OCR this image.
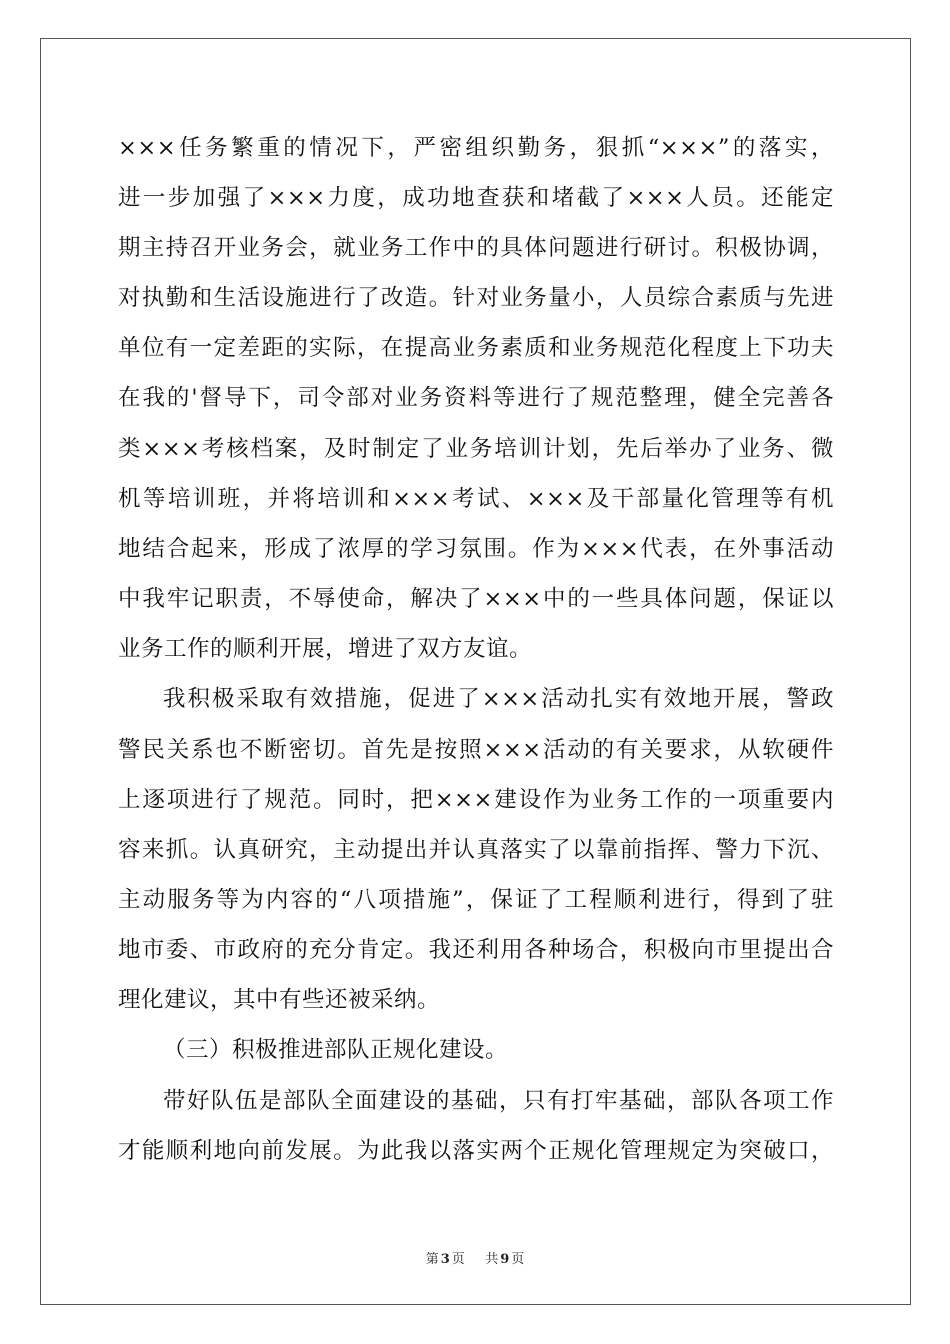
×××任务繁重的情况下，严密组织勤务，狠抓“×××”的落实，
进一步加强了×××力度，成功地查获和堵截了×××人员。还能定
期主持召开业务会，就业务工作中的具体问题进行研讨。积极协调，
对执勤和生活设施进行了改造。针对业务量小，人员综合素质与先进
单位有一定差距的实际，在提高业务素质和业务规范化程度上下功夫
在我的'督导下，司令部对业务资料等进行了规范整理，健全完善各
类×××考核档案，及时制定了业务培训计划，先后举办了业务、微
机等培训班，并将培训和×××考试、×××及干部量化管理等有机
地结合起来，形成了浓厚的学习氛围。作为×××代表，在外事活动
中我牢记职责，不辱使命，解决了×××中的一些具体问题，保证以
业务工作的顺利开展，增进了双方友谊。
我积极采取有效措施，促进了×××活动扎实有效地开展，警政
警民关系也不断密切。首先是按照×××活动的有关要求，从软硬件
上逐项进行了规范。同时，把×××建设作为业务工作的一项重要内
容来抓。认真研究，主动提出并认真落实了以靠前指挥、警力下沉、
主动服务等为内容的“八项措施”，保证了工程顺利进行，得到了驻
地市委、市政府的充分肯定。我还利用各种场合，积极向市里提出合
理化建议，其中有些还被采纳。
（三）积极推进部队正规化建设。
带好队伍是部队全面建设的基础，只有打牢基础，部队各项工作
才能顺利地向前发展。为此我以落实两个正规化管理规定为突破口，
第 3 页 共 9 页
